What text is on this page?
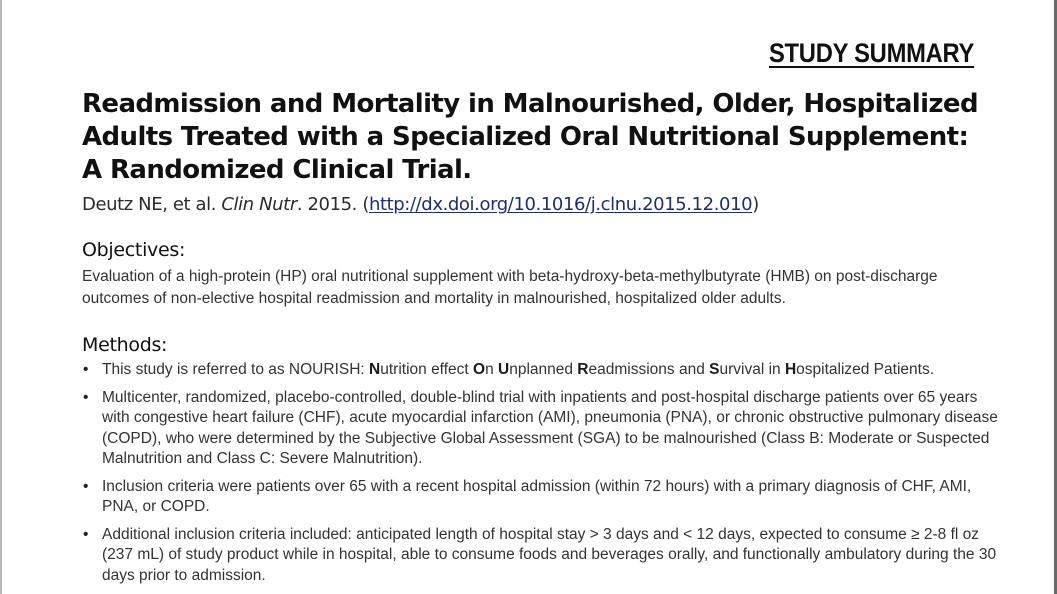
STUDY SUMMARY
Readmission and Mortality in Malnourished, Older, Hospitalized
Adults Treated with a Specialized Oral Nutritional Supplement:
A Randomized Clinical Trial.
Deutz NE, et al. Clin Nutr. 2015. (http://dx.doi.org/10.1016/j.clnu.2015.12.010)
Objectives:

Evaluation of a high-protein (HP) oral nutritional supplement with beta-hydroxy-beta-methylbutyrate (HMB) on post-discharge outcomes of non-elective hospital readmission and mortality in malnourished, hospitalized older adults.

Methods:
• This study is referred to as NOURISH: Nutrition effect On Unplanned Readmissions and Survival in Hospitalized Patients.
• Multicenter, randomized, placebo-controlled, double-blind trial with inpatients and post-hospital discharge patients over 65 years with congestive heart failure (CHF), acute myocardial infarction (AMI), pneumonia (PNA), or chronic obstructive pulmonary disease (COPD), who were determined by the Subjective Global Assessment (SGA) to be malnourished (Class B: Moderate or Suspected Malnutrition and Class C: Severe Malnutrition).
• Inclusion criteria were patients over 65 with a recent hospital admission (within 72 hours) with a primary diagnosis of CHF, AMI, PNA, or COPD.
• Additional inclusion criteria included: anticipated length of hospital stay > 3 days and < 12 days, expected to consume ≥ 2-8 fl oz (237 mL) of study product while in hospital, able to consume foods and beverages orally, and functionally ambulatory during the 30 days prior to admission.
